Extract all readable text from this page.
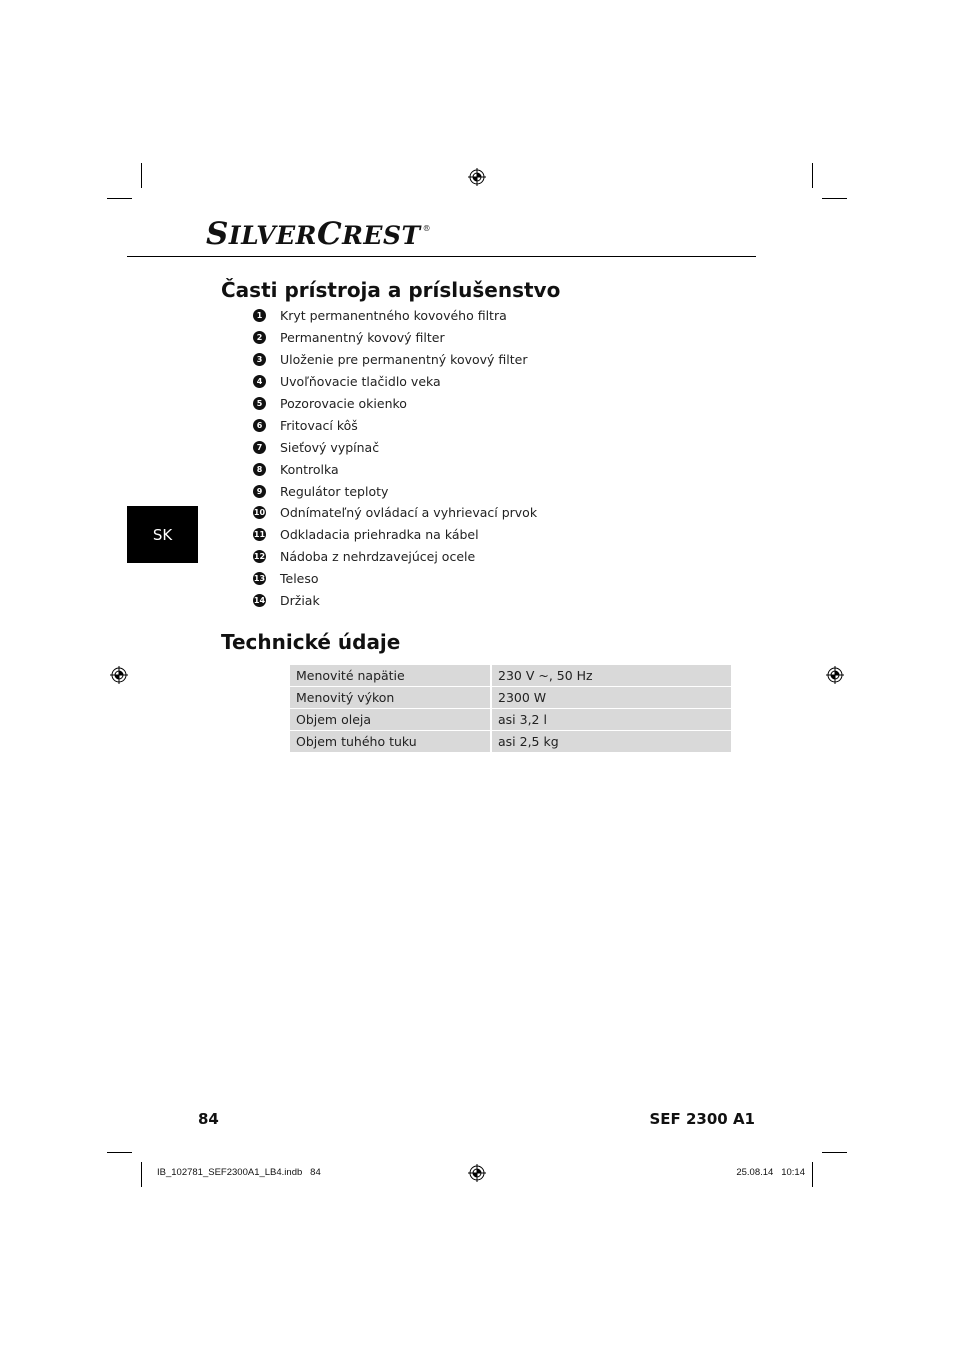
SILVERCREST ®
SK
Časti prístroja a príslušenstvo
1 Kryt permanentného kovového filtra
2 Permanentný kovový filter
3 Uloženie pre permanentný kovový filter
4 Uvoľňovacie tlačidlo veka
5 Pozorovacie okienko
6 Fritovací kôš
7 Sieťový vypínač
8 Kontrolka
9 Regulátor teploty
10 Odnímateľný ovládací a vyhrievací prvok
11 Odkladacia priehradka na kábel
12 Nádoba z nehrdzavejúcej ocele
13 Teleso
14 Držiak
Technické údaje
Menovité napätie	230 V ~, 50 Hz
Menovitý výkon	2300 W
Objem oleja	asi 3,2 l
Objem tuhého tuku	asi 2,5 kg
84	SEF 2300 A1
IB_102781_SEF2300A1_LB4.indb   84	25.08.14   10:14
